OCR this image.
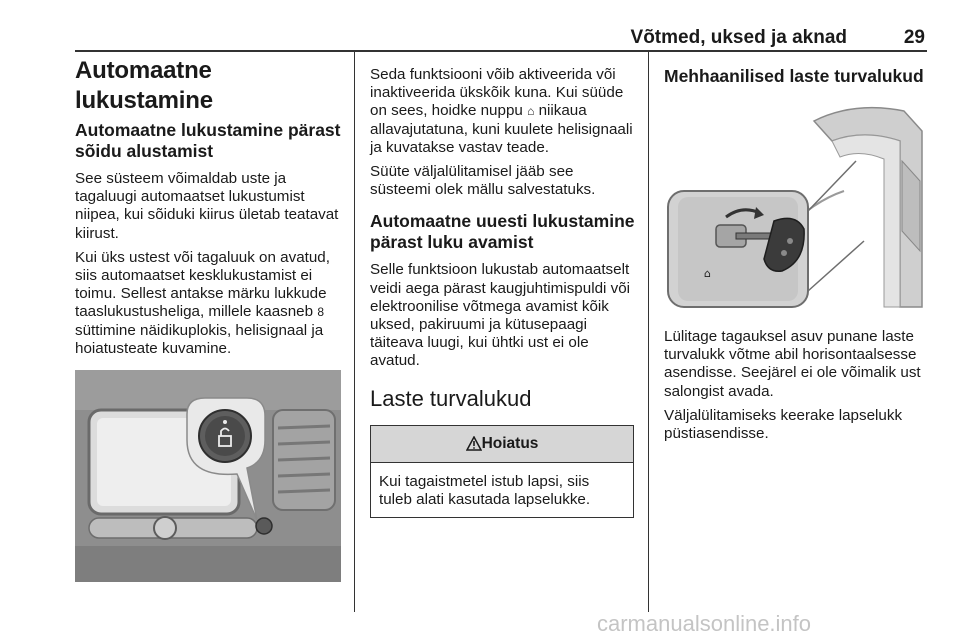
Võtmed, uksed ja aknad	29
Automaatne lukustamine
Automaatne lukustamine pärast sõidu alustamist

See süsteem võimaldab uste ja tagaluugi automaatset lukustumist niipea, kui sõiduki kiirus ületab teatavat kiirust.

Kui üks ustest või tagaluuk on avatud, siis automaatset kesklukustamist ei toimu. Sellest antakse märku lukkude taaslukustusheliga, millele kaasneb 8 süttimine näidikuplokis, helisignaal ja hoiatusteate kuvamine.

Seda funktsiooni võib aktiveerida või inaktiveerida ükskõik kuna. Kui süüde on sees, hoidke nuppu ⌂ niikaua allavajutatuna, kuni kuulete helisignaali ja kuvatakse vastav teade.

Süüte väljalülitamisel jääb see süsteemi olek mällu salvestatuks.

Automaatne uuesti lukustamine pärast luku avamist

Selle funktsioon lukustab automaatselt veidi aega pärast kaugjuhtimispuldi või elektroonilise võtmega avamist kõik uksed, pakiruumi ja kütusepaagi täiteava luugi, kui ühtki ust ei ole avatud.

Laste turvalukud
Hoiatus
Kui tagaistmetel istub lapsi, siis tuleb alati kasutada lapselukke.
Mehhaanilised laste turvalukud
⌂

Lülitage tagauksel asuv punane laste turvalukk võtme abil horisontaalsesse asendisse. Seejärel ei ole võimalik ust salongist avada.

Väljalülitamiseks keerake lapselukk püstiasendisse.

carmanualsonline.info
